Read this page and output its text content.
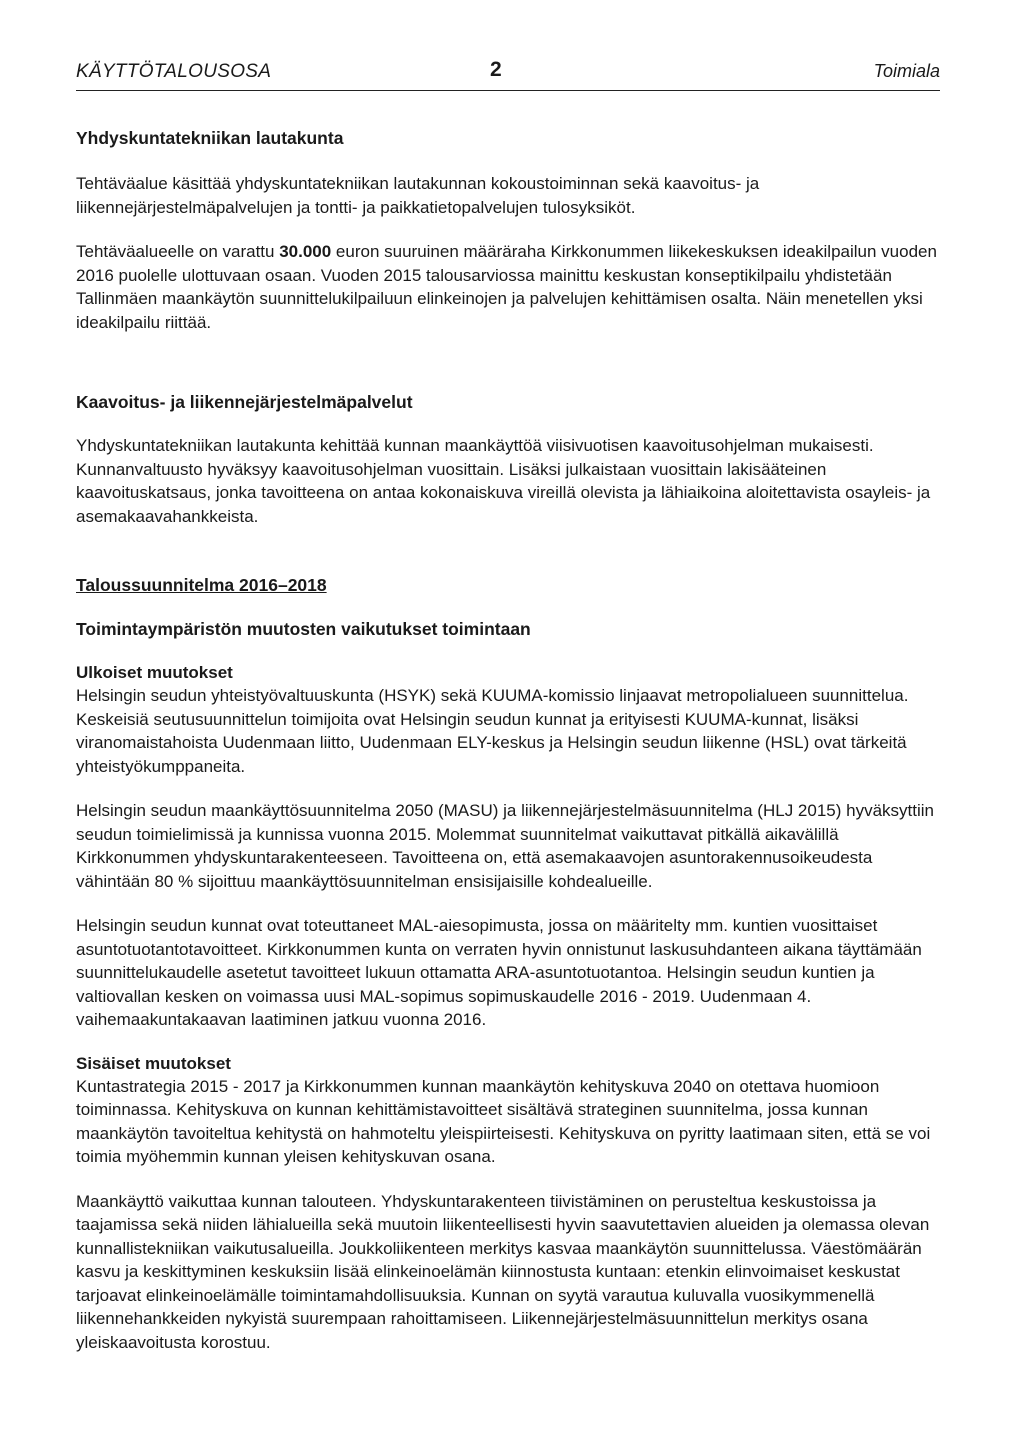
KÄYTTÖTALOUSOSA	2	Toimiala
Yhdyskuntatekniikan lautakunta

Tehtäväalue käsittää yhdyskuntatekniikan lautakunnan kokoustoiminnan sekä kaavoitus- ja liikennejärjestelmäpalvelujen ja tontti- ja paikkatietopalvelujen tulosyksiköt.

Tehtäväalueelle on varattu 30.000 euron suuruinen määräraha Kirkkonummen liikekeskuksen ideakilpailun vuoden 2016 puolelle ulottuvaan osaan. Vuoden 2015 talousarviossa mainittu keskustan konseptikilpailu yhdistetään Tallinmäen maankäytön suunnittelukilpailuun elinkeinojen ja palvelujen kehittämisen osalta. Näin menetellen yksi ideakilpailu riittää.

Kaavoitus- ja liikennejärjestelmäpalvelut

Yhdyskuntatekniikan lautakunta kehittää kunnan maankäyttöä viisivuotisen kaavoitusohjelman mukaisesti. Kunnanvaltuusto hyväksyy kaavoitusohjelman vuosittain. Lisäksi julkaistaan vuosittain lakisääteinen kaavoituskatsaus, jonka tavoitteena on antaa kokonaiskuva vireillä olevista ja lähiaikoina aloitettavista osayleis- ja asemakaavahankkeista.

Taloussuunnitelma 2016–2018
Toimintaympäristön muutosten vaikutukset toimintaan

Ulkoiset muutokset

Helsingin seudun yhteistyövaltuuskunta (HSYK) sekä KUUMA-komissio linjaavat metropolialueen suunnittelua. Keskeisiä seutusuunnittelun toimijoita ovat Helsingin seudun kunnat ja erityisesti KUUMA-kunnat, lisäksi viranomaistahoista Uudenmaan liitto, Uudenmaan ELY-keskus ja Helsingin seudun liikenne (HSL) ovat tärkeitä yhteistyökumppaneita.

Helsingin seudun maankäyttösuunnitelma 2050 (MASU) ja liikennejärjestelmäsuunnitelma (HLJ 2015) hyväksyttiin seudun toimielimissä ja kunnissa vuonna 2015. Molemmat suunnitelmat vaikuttavat pitkällä aikavälillä Kirkkonummen yhdyskuntarakenteeseen. Tavoitteena on, että asemakaavojen asuntorakennusoikeudesta vähintään 80 % sijoittuu maankäyttösuunnitelman ensisijaisille kohdealueille.

Helsingin seudun kunnat ovat toteuttaneet MAL-aiesopimusta, jossa on määritelty mm. kuntien vuosittaiset asuntotuotantotavoitteet. Kirkkonummen kunta on verraten hyvin onnistunut laskusuhdanteen aikana täyttämään suunnittelukaudelle asetetut tavoitteet lukuun ottamatta ARA-asuntotuotantoa. Helsingin seudun kuntien ja valtiovallan kesken on voimassa uusi MAL-sopimus sopimuskaudelle 2016 - 2019. Uudenmaan 4. vaihemaakuntakaavan laatiminen jatkuu vuonna 2016.

Sisäiset muutokset

Kuntastrategia 2015 - 2017 ja Kirkkonummen kunnan maankäytön kehityskuva 2040 on otettava huomioon toiminnassa. Kehityskuva on kunnan kehittämistavoitteet sisältävä strateginen suunnitelma, jossa kunnan maankäytön tavoiteltua kehitystä on hahmoteltu yleispiirteisesti. Kehityskuva on pyritty laatimaan siten, että se voi toimia myöhemmin kunnan yleisen kehityskuvan osana.

Maankäyttö vaikuttaa kunnan talouteen. Yhdyskuntarakenteen tiivistäminen on perusteltua keskustoissa ja taajamissa sekä niiden lähialueilla sekä muutoin liikenteellisesti hyvin saavutettavien alueiden ja olemassa olevan kunnallistekniikan vaikutusalueilla. Joukkoliikenteen merkitys kasvaa maankäytön suunnittelussa. Väestömäärän kasvu ja keskittyminen keskuksiin lisää elinkeinoelämän kiinnostusta kuntaan: etenkin elinvoimaiset keskustat tarjoavat elinkeinoelämälle toimintamahdollisuuksia. Kunnan on syytä varautua kuluvalla vuosikymmenellä liikennehankkeiden nykyistä suurempaan rahoittamiseen. Liikennejärjestelmäsuunnittelun merkitys osana yleiskaavoitusta korostuu.
